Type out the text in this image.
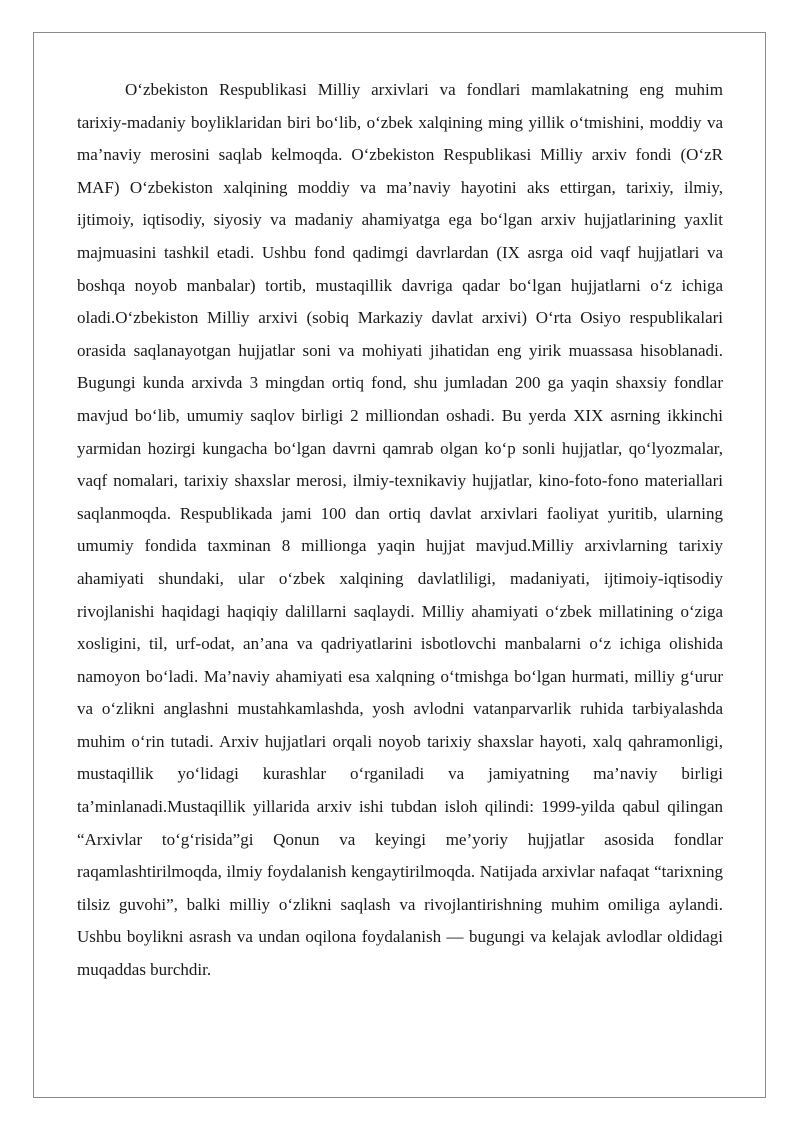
O‘zbekiston Respublikasi Milliy arxivlari va fondlari mamlakatning eng muhim tarixiy-madaniy boyliklaridan biri bo‘lib, o‘zbek xalqining ming yillik o‘tmishini, moddiy va ma’naviy merosini saqlab kelmoqda. O‘zbekiston Respublikasi Milliy arxiv fondi (O‘zR MAF) O‘zbekiston xalqining moddiy va ma’naviy hayotini aks ettirgan, tarixiy, ilmiy, ijtimoiy, iqtisodiy, siyosiy va madaniy ahamiyatga ega bo‘lgan arxiv hujjatlarining yaxlit majmuasini tashkil etadi. Ushbu fond qadimgi davrlardan (IX asrga oid vaqf hujjatlari va boshqa noyob manbalar) tortib, mustaqillik davriga qadar bo‘lgan hujjatlarni o‘z ichiga oladi.O‘zbekiston Milliy arxivi (sobiq Markaziy davlat arxivi) O‘rta Osiyo respublikalari orasida saqlanayotgan hujjatlar soni va mohiyati jihatidan eng yirik muassasa hisoblanadi. Bugungi kunda arxivda 3 mingdan ortiq fond, shu jumladan 200 ga yaqin shaxsiy fondlar mavjud bo‘lib, umumiy saqlov birligi 2 milliondan oshadi. Bu yerda XIX asrning ikkinchi yarmidan hozirgi kungacha bo‘lgan davrni qamrab olgan ko‘p sonli hujjatlar, qo‘lyozmalar, vaqf nomalari, tarixiy shaxslar merosi, ilmiy-texnikaviy hujjatlar, kino-foto-fono materiallari saqlanmoqda. Respublikada jami 100 dan ortiq davlat arxivlari faoliyat yuritib, ularning umumiy fondida taxminan 8 millionga yaqin hujjat mavjud.Milliy arxivlarning tarixiy ahamiyati shundaki, ular o‘zbek xalqining davlatliligi, madaniyati, ijtimoiy-iqtisodiy rivojlanishi haqidagi haqiqiy dalillarni saqlaydi. Milliy ahamiyati o‘zbek millatining o‘ziga xosligini, til, urf-odat, an’ana va qadriyatlarini isbotlovchi manbalarni o‘z ichiga olishida namoyon bo‘ladi. Ma’naviy ahamiyati esa xalqning o‘tmishga bo‘lgan hurmati, milliy g‘urur va o‘zlikni anglashni mustahkamlashda, yosh avlodni vatanparvarlik ruhida tarbiyalashda muhim o‘rin tutadi. Arxiv hujjatlari orqali noyob tarixiy shaxslar hayoti, xalq qahramonligi, mustaqillik yo‘lidagi kurashlar o‘rganiladi va jamiyatning ma’naviy birligi ta’minlanadi.Mustaqillik yillarida arxiv ishi tubdan isloh qilindi: 1999-yilda qabul qilingan “Arxivlar to‘g‘risida”gi Qonun va keyingi me’yoriy hujjatlar asosida fondlar raqamlashtirilmoqda, ilmiy foydalanish kengaytirilmoqda. Natijada arxivlar nafaqat “tarixning tilsiz guvohi”, balki milliy o‘zlikni saqlash va rivojlantirishning muhim omiliga aylandi. Ushbu boylikni asrash va undan oqilona foydalanish — bugungi va kelajak avlodlar oldidagi muqaddas burchdir.
